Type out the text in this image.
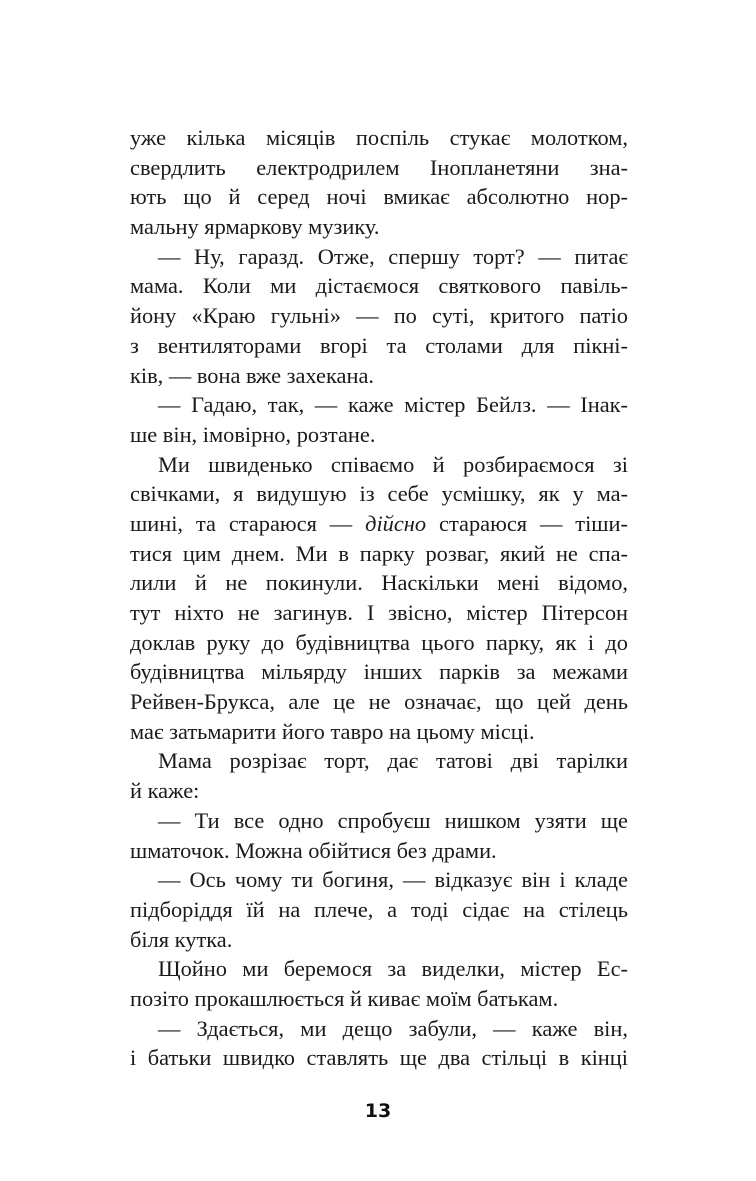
уже кілька місяців поспіль стукає молотком,
свердлить електродрилем Інопланетяни зна-
ють що й серед ночі вмикає абсолютно нор-
мальну ярмаркову музику.
— Ну, гаразд. Отже, спершу торт? — питає
мама. Коли ми дістаємося святкового павіль-
йону «Краю гульні» — по суті, критого патіо
з вентиляторами вгорі та столами для пікні-
ків, — вона вже захекана.
— Гадаю, так, — каже містер Бейлз. — Інак-
ше він, імовірно, розтане.
Ми швиденько співаємо й розбираємося зі
свічками, я видушую із себе усмішку, як у ма-
шині, та стараюся — дійсно стараюся — тіши-
тися цим днем. Ми в парку розваг, який не спа-
лили й не покинули. Наскільки мені відомо,
тут ніхто не загинув. І звісно, містер Пітерсон
доклав руку до будівництва цього парку, як і до
будівництва мільярду інших парків за межами
Рейвен-Брукса, але це не означає, що цей день
має затьмарити його тавро на цьому місці.
Мама розрізає торт, дає татові дві тарілки
й каже:
— Ти все одно спробуєш нишком узяти ще
шматочок. Можна обійтися без драми.
— Ось чому ти богиня, — відказує він і кладе
підборіддя їй на плече, а тоді сідає на стілець
біля кутка.
Щойно ми беремося за виделки, містер Ес-
позіто прокашлюється й киває моїм батькам.
— Здається, ми дещо забули, — каже він,
і батьки швидко ставлять ще два стільці в кінці
13
